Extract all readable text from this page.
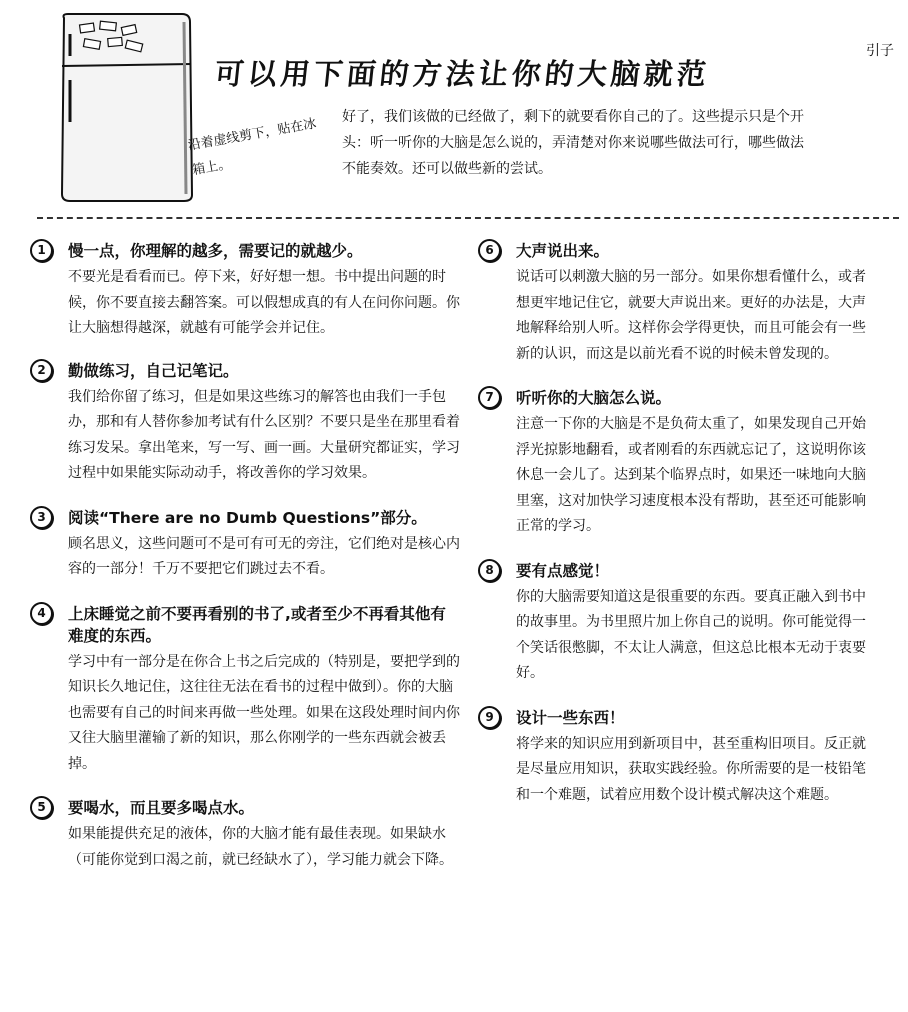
引子
可以用下面的方法让你的大脑就范
沿着虚线剪下，贴在冰箱上。
好了，我们该做的已经做了，剩下的就要看你自己的了。这些提示只是个开头：听一听你的大脑是怎么说的，弄清楚对你来说哪些做法可行，哪些做法不能奏效。还可以做些新的尝试。
1	慢一点，你理解的越多，需要记的就越少。
不要光是看看而已。停下来，好好想一想。书中提出问题的时候，你不要直接去翻答案。可以假想成真的有人在问你问题。你让大脑想得越深，就越有可能学会并记住。
2	勤做练习，自己记笔记。
我们给你留了练习，但是如果这些练习的解答也由我们一手包办，那和有人替你参加考试有什么区别？不要只是坐在那里看着练习发呆。拿出笔来，写一写、画一画。大量研究都证实，学习过程中如果能实际动动手，将改善你的学习效果。
3	阅读“There are no Dumb Questions”部分。
顾名思义，这些问题可不是可有可无的旁注，它们绝对是核心内容的一部分！千万不要把它们跳过去不看。
4	上床睡觉之前不要再看别的书了,或者至少不再看其他有难度的东西。
学习中有一部分是在你合上书之后完成的（特别是，要把学到的知识长久地记住，这往往无法在看书的过程中做到）。你的大脑也需要有自己的时间来再做一些处理。如果在这段处理时间内你又往大脑里灌输了新的知识，那么你刚学的一些东西就会被丢掉。
5	要喝水，而且要多喝点水。
如果能提供充足的液体，你的大脑才能有最佳表现。如果缺水（可能你觉到口渴之前，就已经缺水了），学习能力就会下降。
6	大声说出来。
说话可以刺激大脑的另一部分。如果你想看懂什么，或者想更牢地记住它，就要大声说出来。更好的办法是，大声地解释给别人听。这样你会学得更快，而且可能会有一些新的认识，而这是以前光看不说的时候未曾发现的。
7	听听你的大脑怎么说。
注意一下你的大脑是不是负荷太重了，如果发现自己开始浮光掠影地翻看，或者刚看的东西就忘记了，这说明你该休息一会儿了。达到某个临界点时，如果还一味地向大脑里塞，这对加快学习速度根本没有帮助，甚至还可能影响正常的学习。
8	要有点感觉！
你的大脑需要知道这是很重要的东西。要真正融入到书中的故事里。为书里照片加上你自己的说明。你可能觉得一个笑话很憋脚，不太让人满意，但这总比根本无动于衷要好。
9	设计一些东西！
将学来的知识应用到新项目中，甚至重构旧项目。反正就是尽量应用知识，获取实践经验。你所需要的是一枝铅笔和一个难题，试着应用数个设计模式解决这个难题。
